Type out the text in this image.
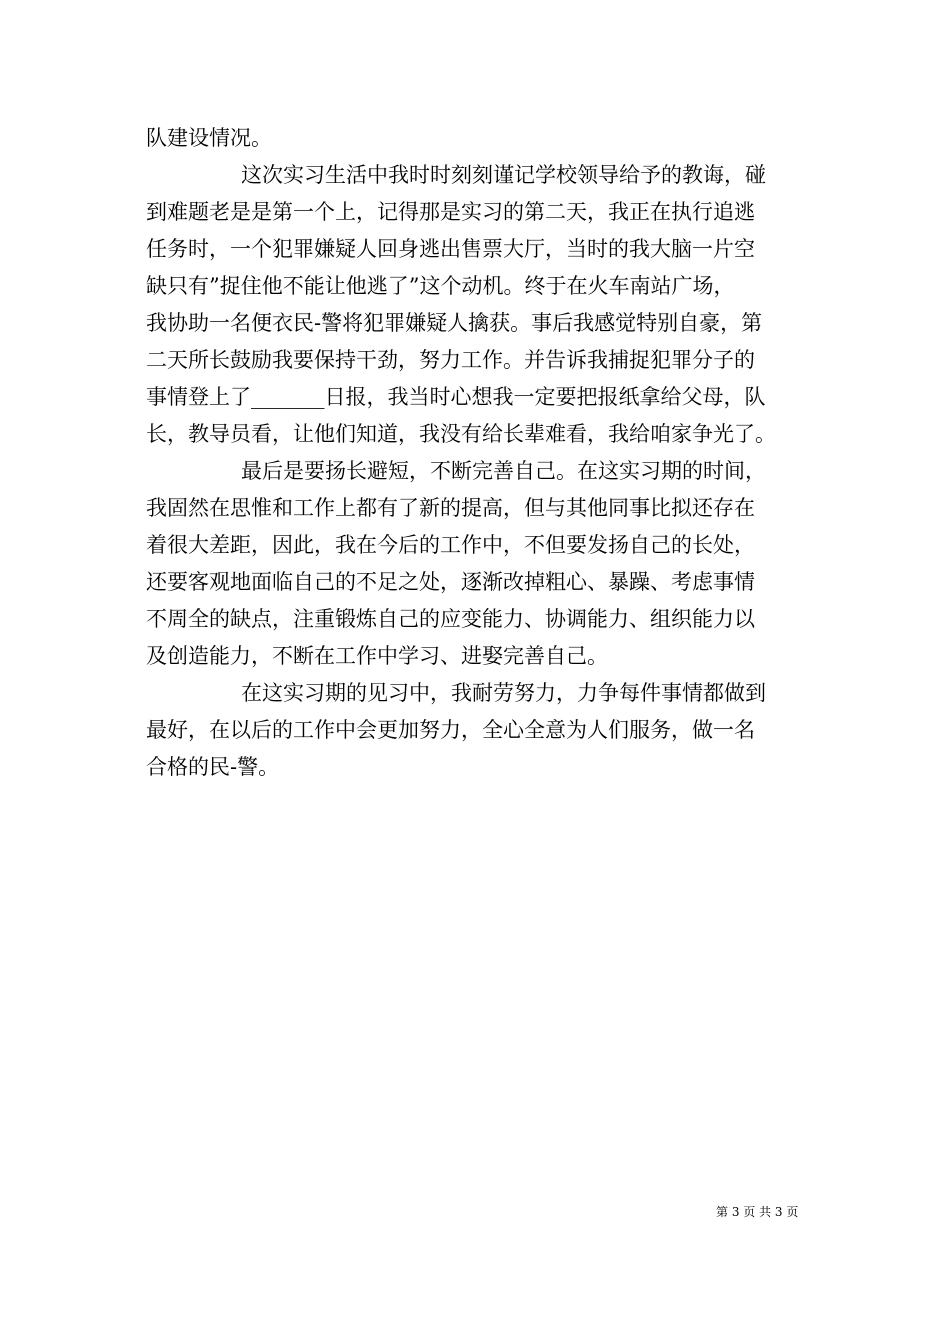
队建设情况。
这次实习生活中我时时刻刻谨记学校领导给予的教诲，碰
到难题老是是第一个上，记得那是实习的第二天，我正在执行追逃
任务时，一个犯罪嫌疑人回身逃出售票大厅，当时的我大脑一片空
缺只有”捉住他不能让他逃了”这个动机。终于在火车南站广场，
我协助一名便衣民-警将犯罪嫌疑人擒获。事后我感觉特别自豪，第
二天所长鼓励我要保持干劲，努力工作。并告诉我捕捉犯罪分子的
事情登上了_______日报，我当时心想我一定要把报纸拿给父母，队
长，教导员看，让他们知道，我没有给长辈难看，我给咱家争光了。
最后是要扬长避短，不断完善自己。在这实习期的时间，
我固然在思惟和工作上都有了新的提高，但与其他同事比拟还存在
着很大差距，因此，我在今后的工作中，不但要发扬自己的长处，
还要客观地面临自己的不足之处，逐渐改掉粗心、暴躁、考虑事情
不周全的缺点，注重锻炼自己的应变能力、协调能力、组织能力以
及创造能力，不断在工作中学习、进娶完善自己。
在这实习期的见习中，我耐劳努力，力争每件事情都做到
最好，在以后的工作中会更加努力，全心全意为人们服务，做一名
合格的民-警。
第 3 页 共 3 页
